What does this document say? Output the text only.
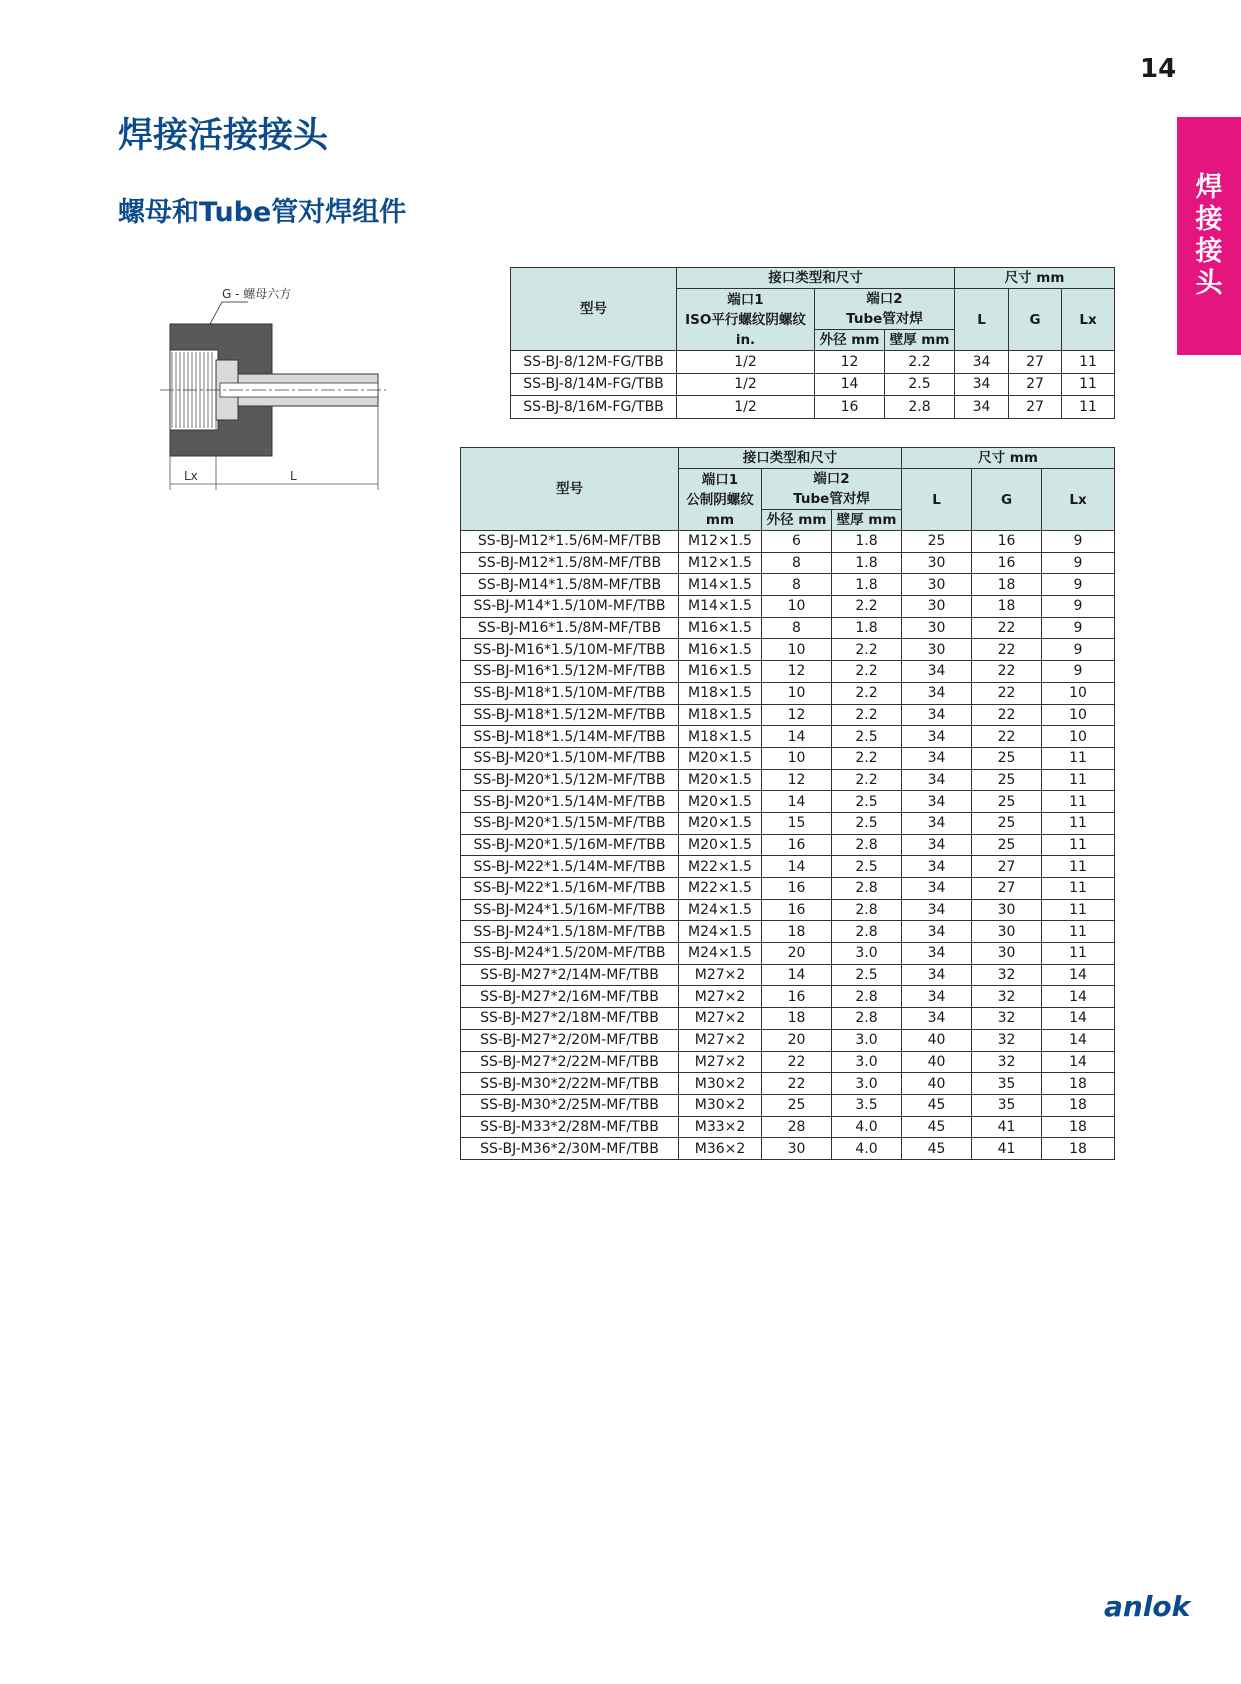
14
焊
接
接
头
焊接活接接头
螺母和Tube管对焊组件
G - 螺母六方
Lx	L
型号	接口类型和尺寸			尺寸 mm		

	端口1
ISO平行螺纹阴螺纹
in.	端口2
Tube管对焊		L	G	Lx
		外径 mm	壁厚 mm			
SS-BJ-8/12M-FG/TBB	1/2	12	2.2	34	27	11
SS-BJ-8/14M-FG/TBB	1/2	14	2.5	34	27	11
SS-BJ-8/16M-FG/TBB	1/2	16	2.8	34	27	11
型号	接口类型和尺寸			尺寸 mm		

	端口1
公制阴螺纹
mm	端口2
Tube管对焊		L	G	Lx
		外径 mm	壁厚 mm			
SS-BJ-M12*1.5/6M-MF/TBB	M12×1.5	6	1.8	25	16	9
SS-BJ-M12*1.5/8M-MF/TBB	M12×1.5	8	1.8	30	16	9
SS-BJ-M14*1.5/8M-MF/TBB	M14×1.5	8	1.8	30	18	9
SS-BJ-M14*1.5/10M-MF/TBB	M14×1.5	10	2.2	30	18	9
SS-BJ-M16*1.5/8M-MF/TBB	M16×1.5	8	1.8	30	22	9
SS-BJ-M16*1.5/10M-MF/TBB	M16×1.5	10	2.2	30	22	9
SS-BJ-M16*1.5/12M-MF/TBB	M16×1.5	12	2.2	34	22	9
SS-BJ-M18*1.5/10M-MF/TBB	M18×1.5	10	2.2	34	22	10
SS-BJ-M18*1.5/12M-MF/TBB	M18×1.5	12	2.2	34	22	10
SS-BJ-M18*1.5/14M-MF/TBB	M18×1.5	14	2.5	34	22	10
SS-BJ-M20*1.5/10M-MF/TBB	M20×1.5	10	2.2	34	25	11
SS-BJ-M20*1.5/12M-MF/TBB	M20×1.5	12	2.2	34	25	11
SS-BJ-M20*1.5/14M-MF/TBB	M20×1.5	14	2.5	34	25	11
SS-BJ-M20*1.5/15M-MF/TBB	M20×1.5	15	2.5	34	25	11
SS-BJ-M20*1.5/16M-MF/TBB	M20×1.5	16	2.8	34	25	11
SS-BJ-M22*1.5/14M-MF/TBB	M22×1.5	14	2.5	34	27	11
SS-BJ-M22*1.5/16M-MF/TBB	M22×1.5	16	2.8	34	27	11
SS-BJ-M24*1.5/16M-MF/TBB	M24×1.5	16	2.8	34	30	11
SS-BJ-M24*1.5/18M-MF/TBB	M24×1.5	18	2.8	34	30	11
SS-BJ-M24*1.5/20M-MF/TBB	M24×1.5	20	3.0	34	30	11
SS-BJ-M27*2/14M-MF/TBB	M27×2	14	2.5	34	32	14
SS-BJ-M27*2/16M-MF/TBB	M27×2	16	2.8	34	32	14
SS-BJ-M27*2/18M-MF/TBB	M27×2	18	2.8	34	32	14
SS-BJ-M27*2/20M-MF/TBB	M27×2	20	3.0	40	32	14
SS-BJ-M27*2/22M-MF/TBB	M27×2	22	3.0	40	32	14
SS-BJ-M30*2/22M-MF/TBB	M30×2	22	3.0	40	35	18
SS-BJ-M30*2/25M-MF/TBB	M30×2	25	3.5	45	35	18
SS-BJ-M33*2/28M-MF/TBB	M33×2	28	4.0	45	41	18
SS-BJ-M36*2/30M-MF/TBB	M36×2	30	4.0	45	41	18
anlok
